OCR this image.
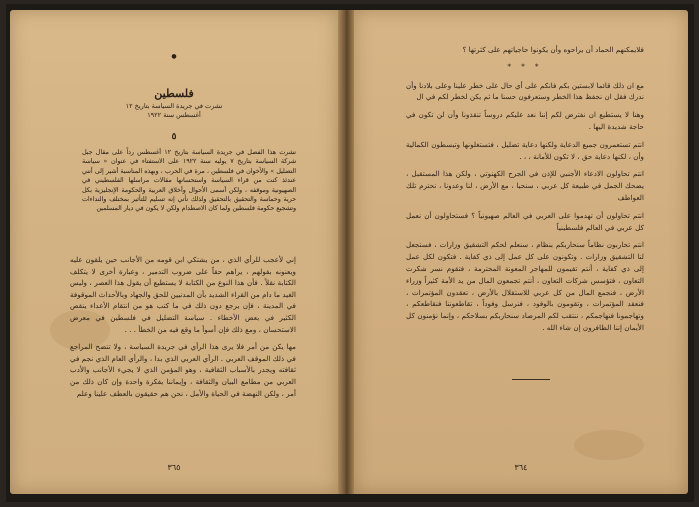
●
فلسطين
نشرت في جريدة السياسة بتاريخ ١٢ أغسطس سنة ١٩٢٢
٥
نشرت هذا الفصل في جريدة السياسة بتاريخ ١٢ أغسطس رداً على مقال جبل شركة السياسة بتاريخ ٧ يوليه سنة ١٩٢٢ على الاستفتاء في عنوان « سياسة التضليل » والأخوان في فلسطين ، مرة في الحرب ، وبهذه المناسبة أشير إلى أنني عندئذ كنت من قراء السياسة واستحسانها مقالات مراسلها الفلسطيني في الصهيونية وموقفه ، ولكن أسمى الأحوال وأخلاق العربية والحكومة الإنجليزية بكل حرية وحماسة والتحقيق بالتحقيق ولذلك نأتي إنه تسليم للتأثير بمختلف والنداءات وتشجيع حكومة فلسطين ولما كان الاصطدام ولكن لا يكون في ديار المسلمين

إني لأعجب للرأي الذي ، من يشتكي ابن قومه من الأجانب حين يلقون عليه ويعنونه بقولهم ، يراهم حقاً على ضروب التدمير ، وعبارة أخرى لا يتكلف الكتابة نقلاً . فأن هذا النوع من الكتابة لا يستطيع أن يقول هذا العصر ، وليس الغيد ما دام من القراء الشديد بأن المدنيين للحق والجهاد وبالأحداث الموقوفة في المدينة ، فإن يرجع دون ذلك في ما كتب هو من انتقام الأعداء ينقص الكثير في بعض الأخطاء . سياسة التضليل في فلسطين في معرض الاستحسان ، ومع ذلك فإن أسوأ ما وقع فيه من الخطأ . . .

مها يكن من أمر فلا يرى هذا الرأي في جريدة السياسة ، ولا تتضح المراجع في ذلك الموقف العربي . الرأي العربي الذي بدا ، والرأي العام الذي نجم في ثقافته ويجدر بالأسباب الثقافية ، وهو المؤمن الذي لا يجيء الأجانب والأدب العربي من مطامع البيان والثقافة ، وإيماننا بفكرة واحدة وإن كان ذلك من أمر ، ولكن النهضة في الحياة والأمل ، نحن هم حقيقون بالعطف علينا وعلم

٣٦٥

فلايمكنهم الحماد أن يراحوه وأن يكونوا حاجياتهم على كثرتها ؟

* * *

مع ان ذلك قائما لابستين بكم فانكم على أي حال على خطر علينا وعلى بلادنا وأن ندرك فقل ان نحفظ هذا الخطر وستعرفون حسنا ما ثم يكن لخطر لكم في ال

وهنا لا يستطيع ان نفترض لكم إننا نعد عليكم دروساً تنقذونا وأن لن تكون في حاجة شديدة اليها .

انتم تستعمرون جميع الدعاية ولكنها دعاية تضليل ، فتستغلونها وتبسطون الكمالية وأن ، لكنها دعاية حق ، لا تكون للأمانة ، ، .

انتم تحاولون الادعاء الأجنبي للإذن في الجرح الكهنوتي ، ولكن هذا المستقبل ، يضحك الجمل في طبيعة كل عربي ، سنحيا ، مع الأرض ، لنا وعدونا ، نحترم تلك العواطف

انتم تحاولون أن تهدموا على العربي في العالم صهيونياً ؟ فستحاولون أن نعمل كل عربي في العالم فلسطينياً

انتم تحاربون نظاماً سنحاربكم بنظام ، سنعلم لحكم التشقيق وزارات ، فستجعل لنا التشقيق وزارات . وتكونون على كل عمل إلى ذي كفاية . فتكون لكل عمل إلى ذي كفاية ، أنتم تقيمون للمهاجر المعونة المحترمة ، فتقوم نسر شكرت التعاون ، فتؤسس شركات التعاون ، أنتم تجمعون المال من يد الأمة كثيراً وزراء الأرض ، فنجمع المال من كل عربي للاستقلال بالأرض ، تعقدون المؤتمرات ، فنعقد المؤتمرات ، وتقومون بالوفود ، فنرسل وفوداً ، تقاطعوننا فنقاطعكم ، وتهاجمونا فنهاجمكم ، ننتقب لكم المرصاد سنحاربكم بسلاحكم ، وإنما نؤمنون كل الأيمان إننا الظافرون إن شاء الله .

٣٦٤
